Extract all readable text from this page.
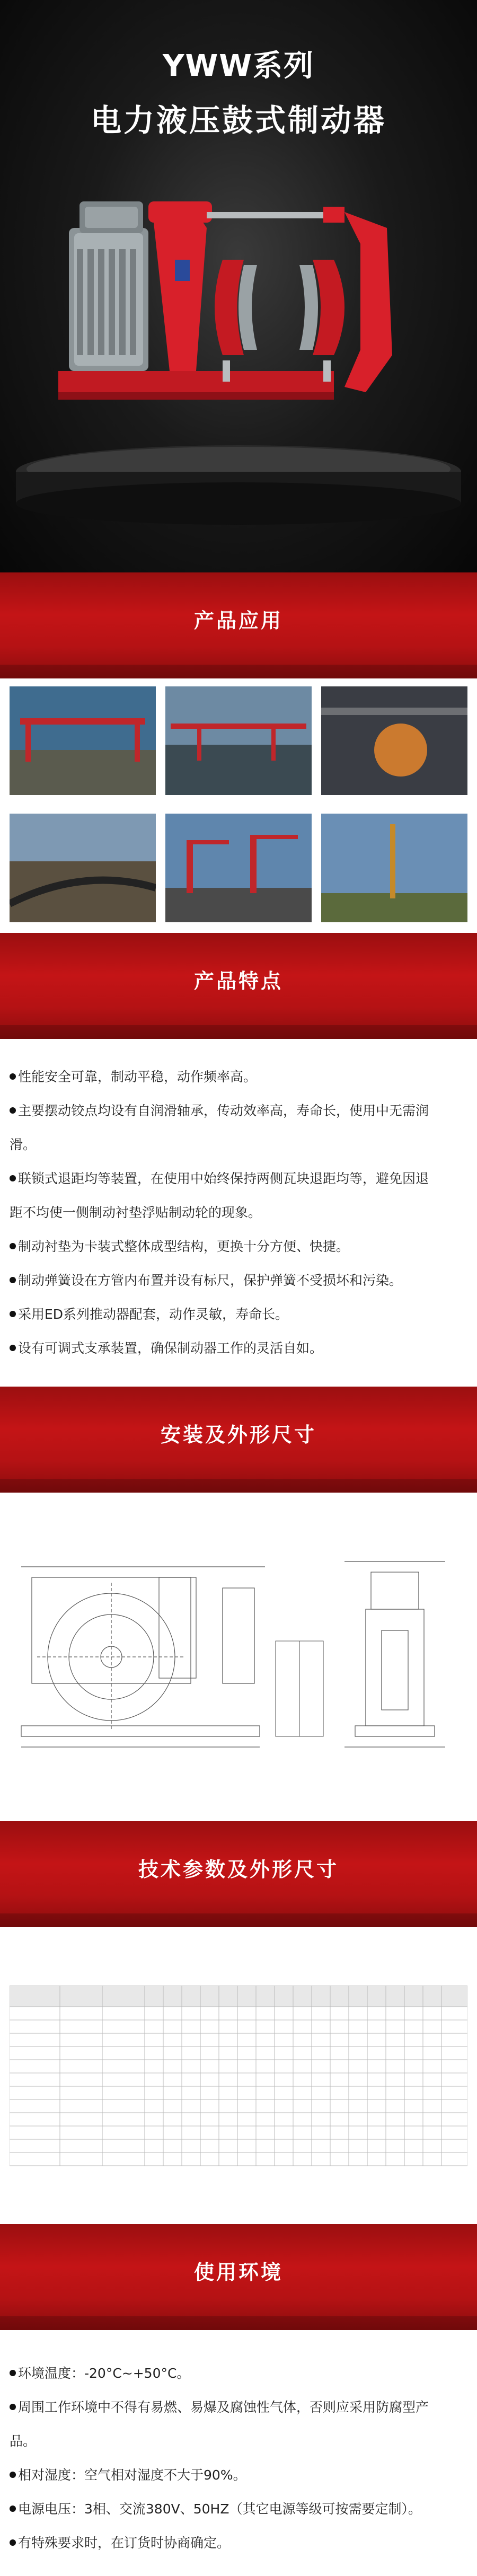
YWW系列
电力液压鼓式制动器
产品应用
产品特点
性能安全可靠，制动平稳，动作频率高。
主要摆动铰点均设有自润滑轴承，传动效率高，寿命长，使用中无需润
滑。
联锁式退距均等装置，在使用中始终保持两侧瓦块退距均等，避免因退
距不均使一侧制动衬垫浮贴制动轮的现象。
制动衬垫为卡装式整体成型结构，更换十分方便、快捷。
制动弹簧设在方管内布置并设有标尺，保护弹簧不受损坏和污染。
采用ED系列推动器配套，动作灵敏，寿命长。
设有可调式支承装置，确保制动器工作的灵活自如。
安装及外形尺寸
技术参数及外形尺寸
使用环境
环境温度：-20°C~+50°C。
周围工作环境中不得有易燃、易爆及腐蚀性气体，否则应采用防腐型产
品。
相对湿度：空气相对湿度不大于90%。
电源电压：3相、交流380V、50HZ（其它电源等级可按需要定制）。
有特殊要求时，在订货时协商确定。
